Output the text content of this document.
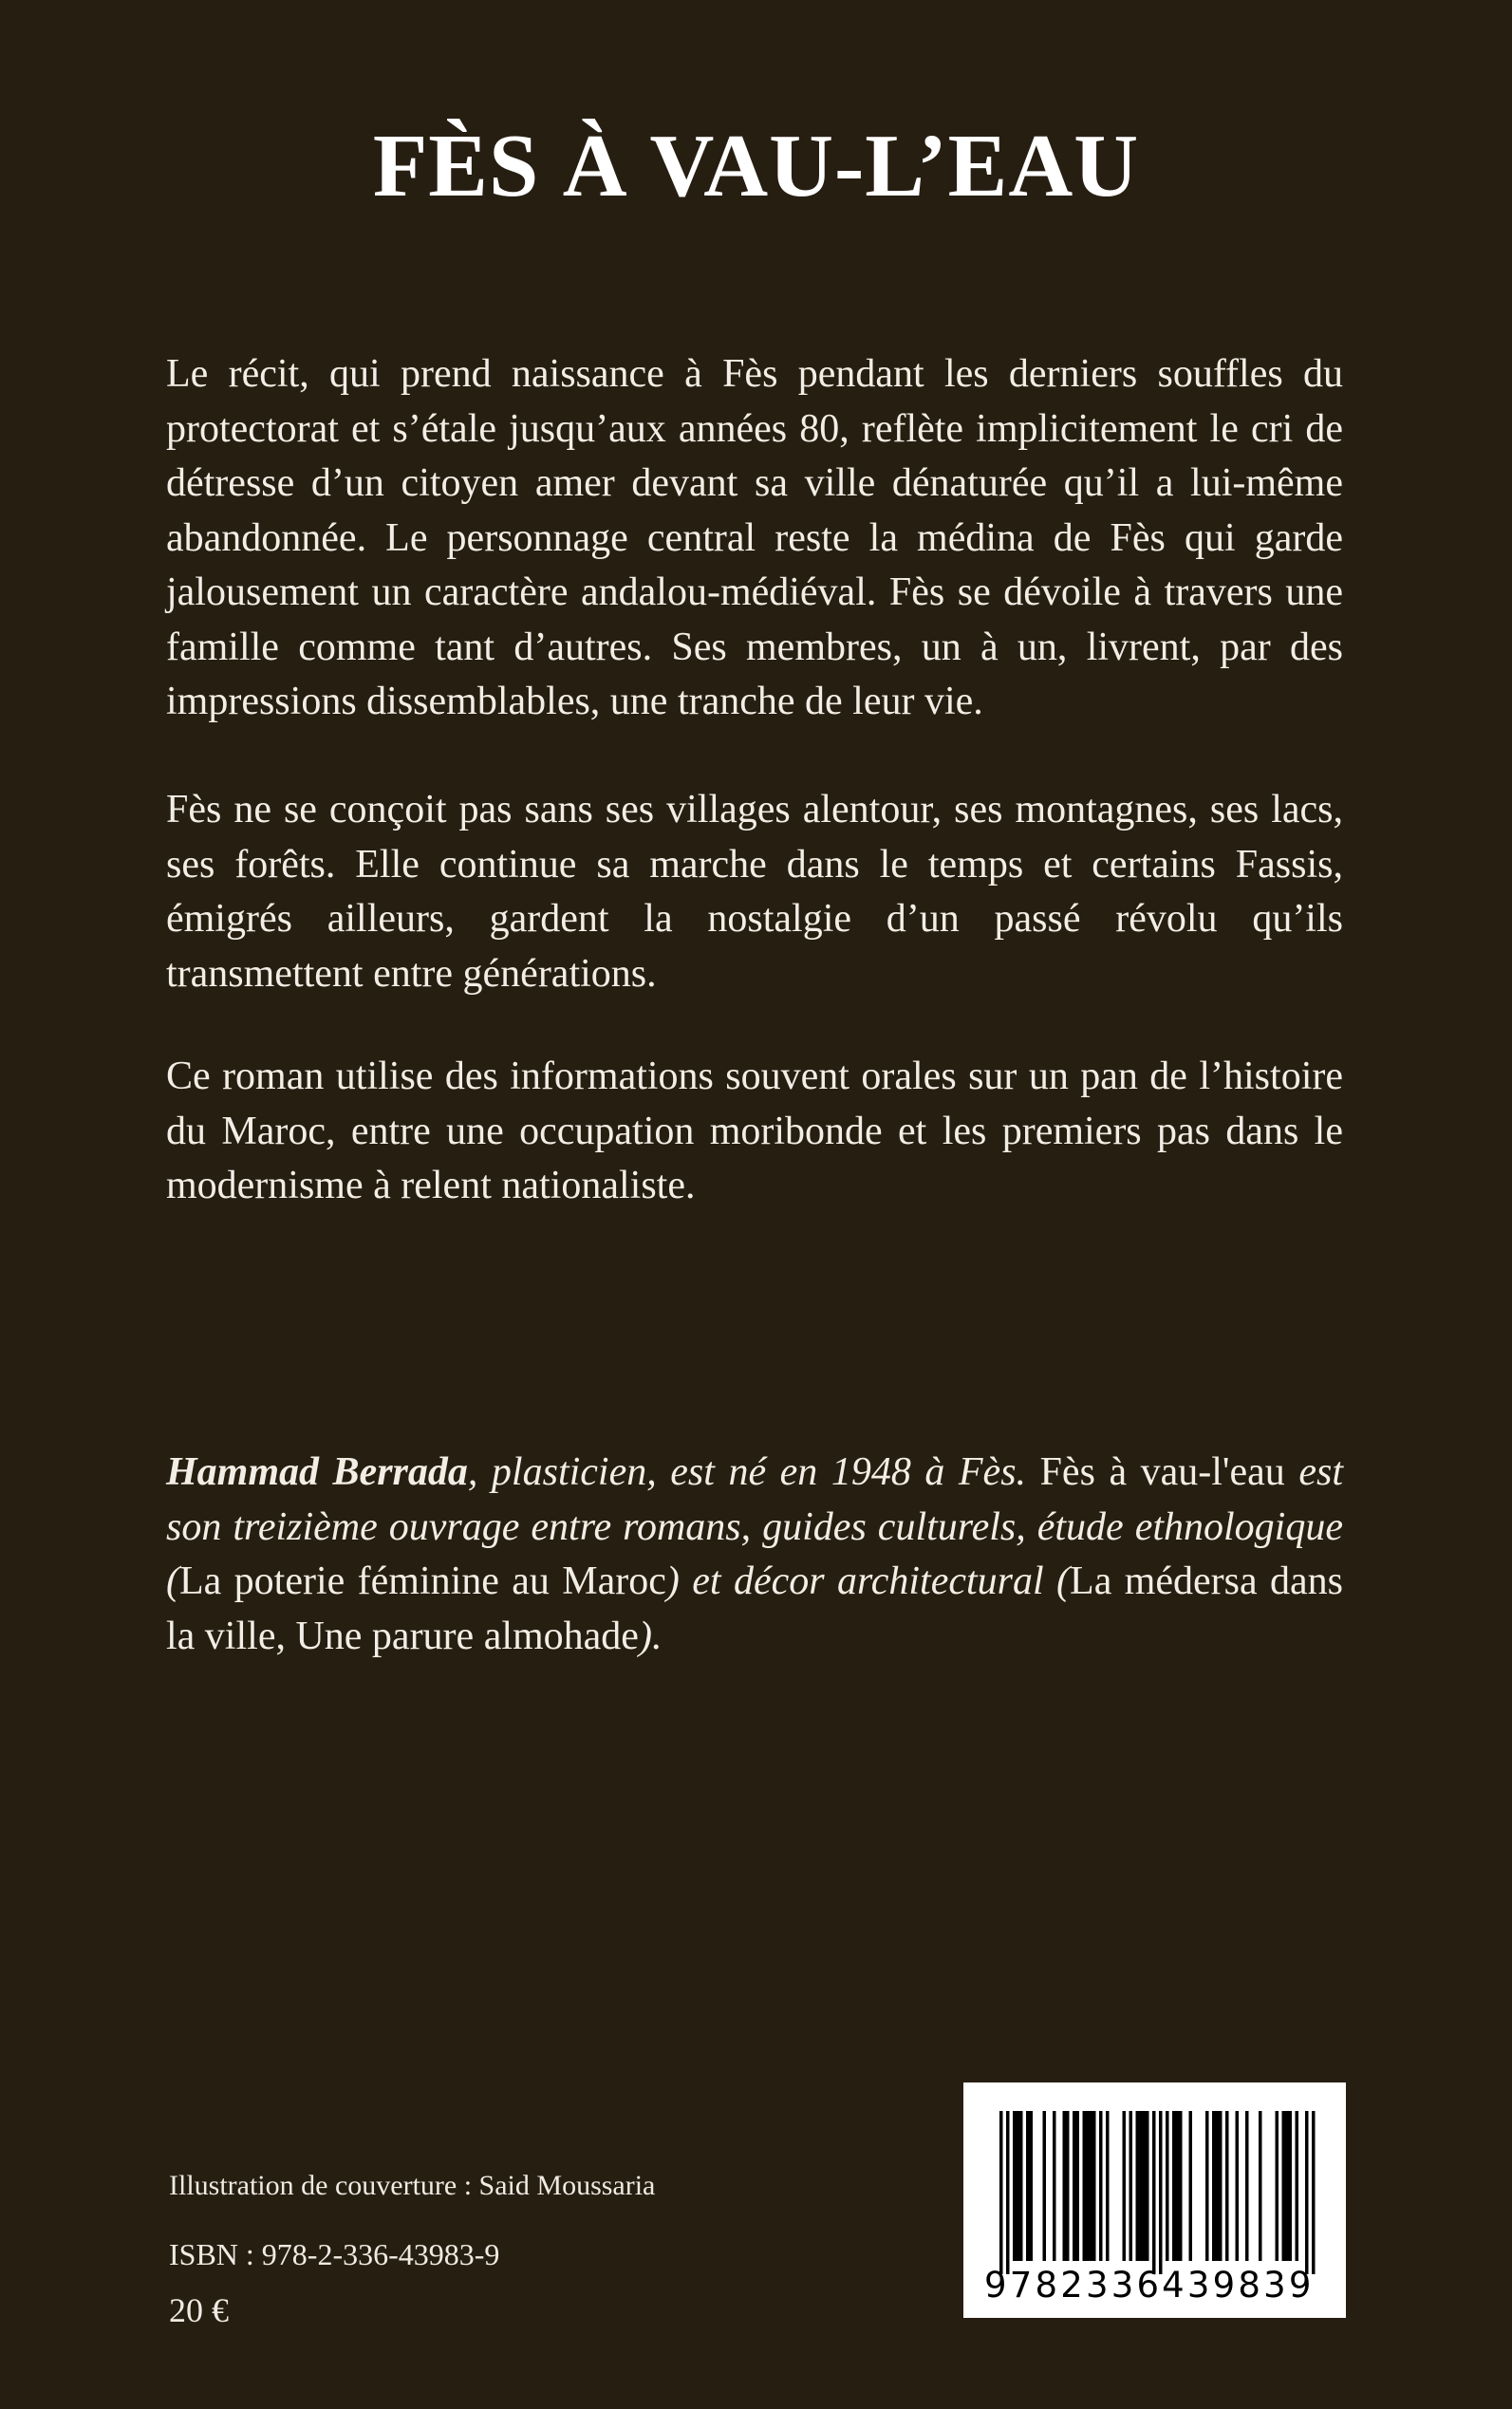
FÈS À VAU-L’EAU

Le récit, qui prend naissance à Fès pendant les derniers souffles du protectorat et s’étale jusqu’aux années 80, reflète implicitement le cri de détresse d’un citoyen amer devant sa ville dénaturée qu’il a lui-même abandonnée. Le personnage central reste la médina de Fès qui garde jalousement un caractère andalou-médiéval. Fès se dévoile à travers une famille comme tant d’autres. Ses membres, un à un, livrent, par des impressions dissemblables, une tranche de leur vie.

Fès ne se conçoit pas sans ses villages alentour, ses montagnes, ses lacs, ses forêts. Elle continue sa marche dans le temps et certains Fassis, émigrés ailleurs, gardent la nostalgie d’un passé révolu qu’ils transmettent entre générations.

Ce roman utilise des informations souvent orales sur un pan de l’histoire du Maroc, entre une occupation moribonde et les premiers pas dans le modernisme à relent nationaliste.

Hammad Berrada, plasticien, est né en 1948 à Fès. Fès à vau-l'eau est son treizième ouvrage entre romans, guides culturels, étude ethnologique (La poterie féminine au Maroc) et décor architectural (La médersa dans la ville, Une parure almohade).

Illustration de couverture : Said Moussaria

ISBN : 978-2-336-43983-9

20 €

9782336439839
